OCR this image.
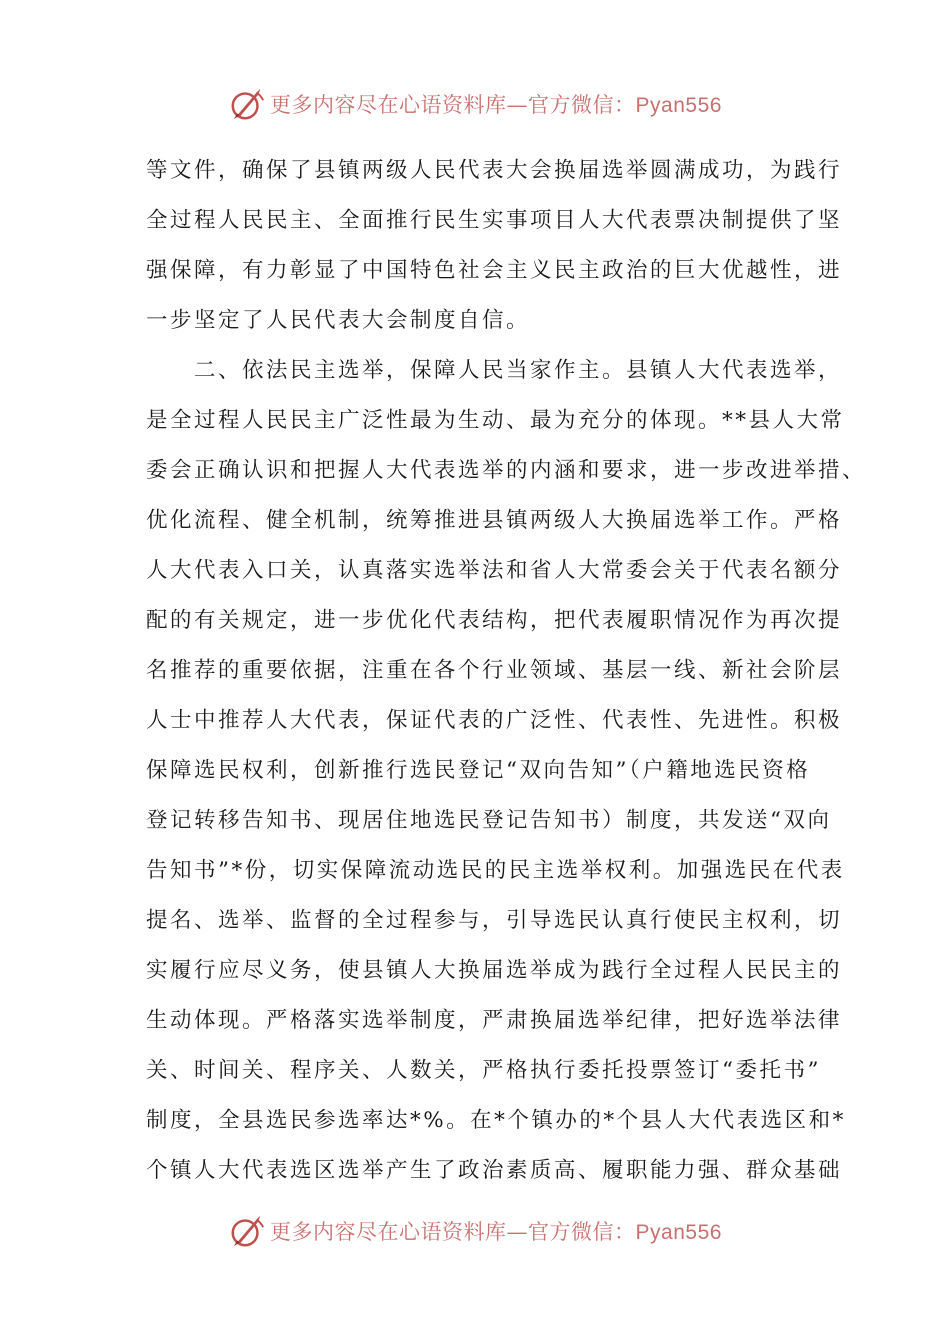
更多内容尽在心语资料库—官方微信：Pyan556
等文件，确保了县镇两级人民代表大会换届选举圆满成功，为践行
全过程人民民主、全面推行民生实事项目人大代表票决制提供了坚
强保障，有力彰显了中国特色社会主义民主政治的巨大优越性，进
一步坚定了人民代表大会制度自信。
　　二、依法民主选举，保障人民当家作主。县镇人大代表选举，
是全过程人民民主广泛性最为生动、最为充分的体现。**县人大常
委会正确认识和把握人大代表选举的内涵和要求，进一步改进举措、
优化流程、健全机制，统筹推进县镇两级人大换届选举工作。严格
人大代表入口关，认真落实选举法和省人大常委会关于代表名额分
配的有关规定，进一步优化代表结构，把代表履职情况作为再次提
名推荐的重要依据，注重在各个行业领域、基层一线、新社会阶层
人士中推荐人大代表，保证代表的广泛性、代表性、先进性。积极
保障选民权利，创新推行选民登记“双向告知”（户籍地选民资格
登记转移告知书、现居住地选民登记告知书）制度，共发送“双向
告知书”*份，切实保障流动选民的民主选举权利。加强选民在代表
提名、选举、监督的全过程参与，引导选民认真行使民主权利，切
实履行应尽义务，使县镇人大换届选举成为践行全过程人民民主的
生动体现。严格落实选举制度，严肃换届选举纪律，把好选举法律
关、时间关、程序关、人数关，严格执行委托投票签订“委托书”
制度，全县选民参选率达*%。在*个镇办的*个县人大代表选区和*
个镇人大代表选区选举产生了政治素质高、履职能力强、群众基础
更多内容尽在心语资料库—官方微信：Pyan556
